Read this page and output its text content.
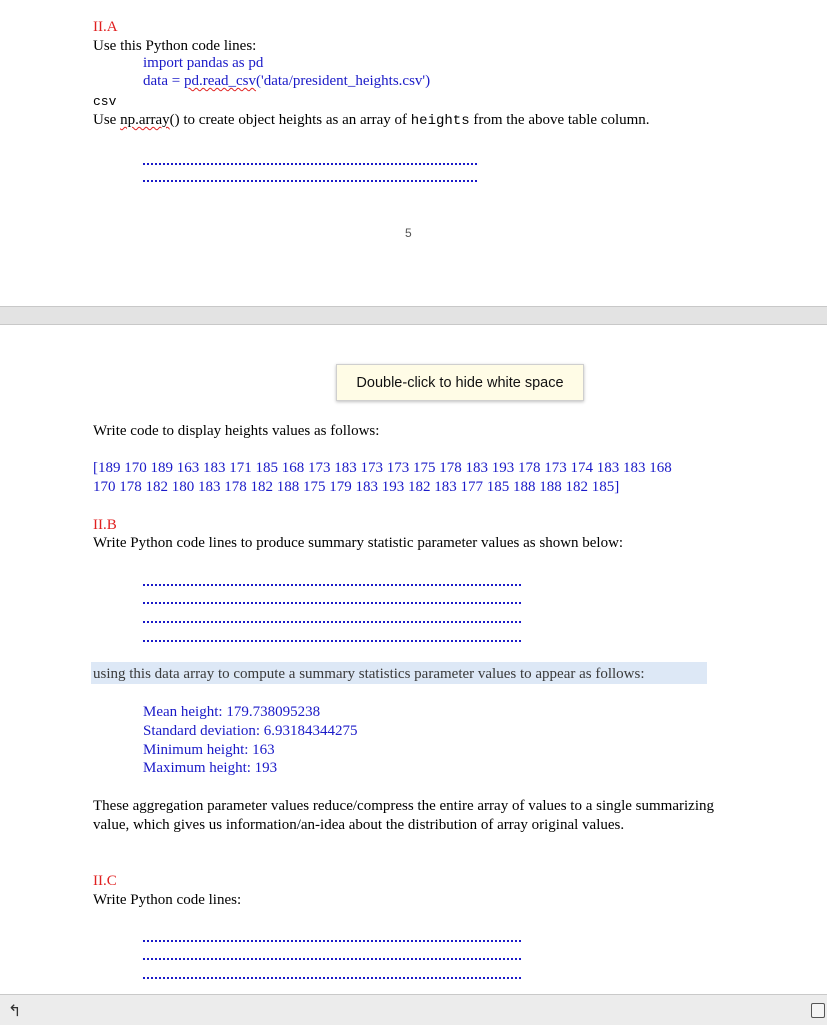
II.A
Use this Python code lines:
import pandas as pd
data = pd.read_csv('data/president_heights.csv')
csv
Use np.array() to create object heights as an array of heights from the above table column.
5
Double-click to hide white space
Write code to display heights values as follows:
[189 170 189 163 183 171 185 168 173 183 173 173 175 178 183 193 178 173 174 183 183 168
170 178 182 180 183 178 182 188 175 179 183 193 182 183 177 185 188 188 182 185]
II.B
Write Python code lines to produce summary statistic parameter values as shown below:
using this data array to compute a summary statistics parameter values to appear as follows:
Mean height: 179.738095238
Standard deviation: 6.93184344275
Minimum height: 163
Maximum height: 193
These aggregation parameter values reduce/compress the entire array of values to a single summarizing value, which gives us information/an-idea about the distribution of array original values.
II.C
Write Python code lines:
↰
